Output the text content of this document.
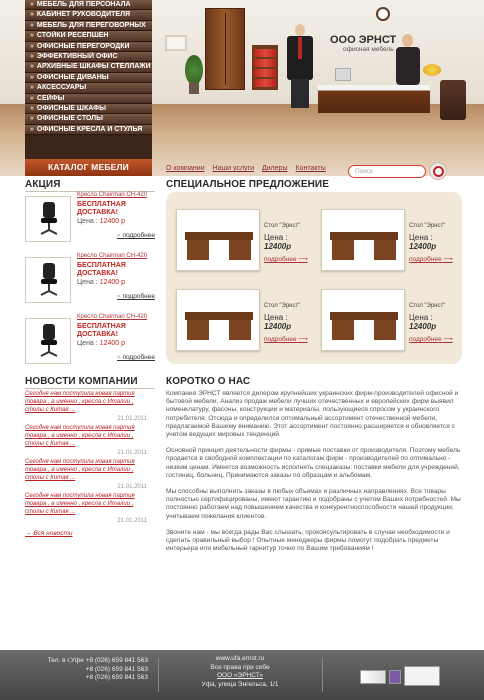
ООО ЭРНСТ
офисная мебель
» МЕБЕЛЬ ДЛЯ ПЕРСОНАЛА
» КАБИНЕТ РУКОВОДИТЕЛЯ
» МЕБЕЛЬ ДЛЯ ПЕРЕГОВОРНЫХ
» СТОЙКИ РЕСЕПШЕН
» ОФИСНЫЕ ПЕРЕГОРОДКИ
» ЭФФЕКТИВНЫЙ ОФИС
» АРХИВНЫЕ ШКАФЫ СТЕЛЛАЖИ
» ОФИСНЫЕ ДИВАНЫ
» АКСЕССУАРЫ
» СЕЙФЫ
» ОФИСНЫЕ ШКАФЫ
» ОФИСНЫЕ СТОЛЫ
» ОФИСНЫЕ КРЕСЛА И СТУЛЬЯ
КАТАЛОГ МЕБЕЛИ	О компании Наши услуги Дилеры Контакты	Поиск
АКЦИЯ
Кресло Chairman CH-420
БЕСПЛАТНАЯ ДОСТАВКА!
Цена : 12400 р
» подробнее
Кресло Chairman CH-420
БЕСПЛАТНАЯ ДОСТАВКА!
Цена : 12400 р
» подробнее
Кресло Chairman CH-420
БЕСПЛАТНАЯ ДОСТАВКА!
Цена : 12400 р
» подробнее
СПЕЦИАЛЬНОЕ ПРЕДЛОЖЕНИЕ
Стол "Эрнст"
Цена : 12400р
подробнее ⟶
Стол "Эрнст"
Цена : 12400р
подробнее ⟶
Стол "Эрнст"
Цена : 12400р
подробнее ⟶
Стол "Эрнст"
Цена : 12400р
подробнее ⟶
НОВОСТИ КОМПАНИИ
Сегодня нам поступила новая партия товара , а именно , кресла с Италии , столы с Китая ...
21.01.2011
Сегодня нам поступила новая партия товара , а именно , кресла с Италии , столы с Китая ...
21.01.2011
Сегодня нам поступила новая партия товара , а именно , кресла с Италии , столы с Китая ...
21.01.2011
Сегодня нам поступила новая партия товара , а именно , кресла с Италии , столы с Китая ...
21.01.2011
→ Вся новости
КОРОТКО О НАС

Компания ЭРНСТ является дилером крупнейших украинских фирм-производителей офисной и бытовой мебели. Анализ продаж мебели лучших отечественных и европейских фирм выявил номенклатуру, фасоны, конструкции и материалы, пользующиеся спросом у украинского потребителя. Отсюда и определился оптимальный ассортимент отечественной мебели, предлагаемой Вашему вниманию. Этот ассортимент постоянно расширяется и обновляется с учетом ведущих мировых тенденций.

Основной принцип деятельности фирмы - прямые поставки от производителя. Поэтому мебель продается в свободной комплектации по каталогам фирм - производителей по оптимально - низким ценам. Имеется возможность исполнять спецзаказы: поставки мебели для учреждений, гостиниц, больниц. Принимаются заказы по образцам и альбомам.

Мы способны выполнить заказы в любых объемах и различных направлениях. Все товары полностью сертифицированы, имеют гарантию и подобраны с учетом Ваших потребностей. Мы постоянно работаем над повышением качества и конкурентноспособности нашей продукции, учитываем пожелания клиентов.

Звоните нам - мы всегда рады Вас слышать, проконсультировать в случае необходимости и сделать правильный выбор ! Опытные менеджеры фирмы помогут подобрать предметы интерьера или мебельный гарнитур точно по Вашим требованиям !

Тел. в г.Уфе +8 (026) 659 841 563
+8 (026) 659 841 563
+8 (026) 659 841 563
www.ufa.ernst.ru
Все права при себе
ООО «ЭРНСТ»
Уфа, улица Энгельса, 1/1
